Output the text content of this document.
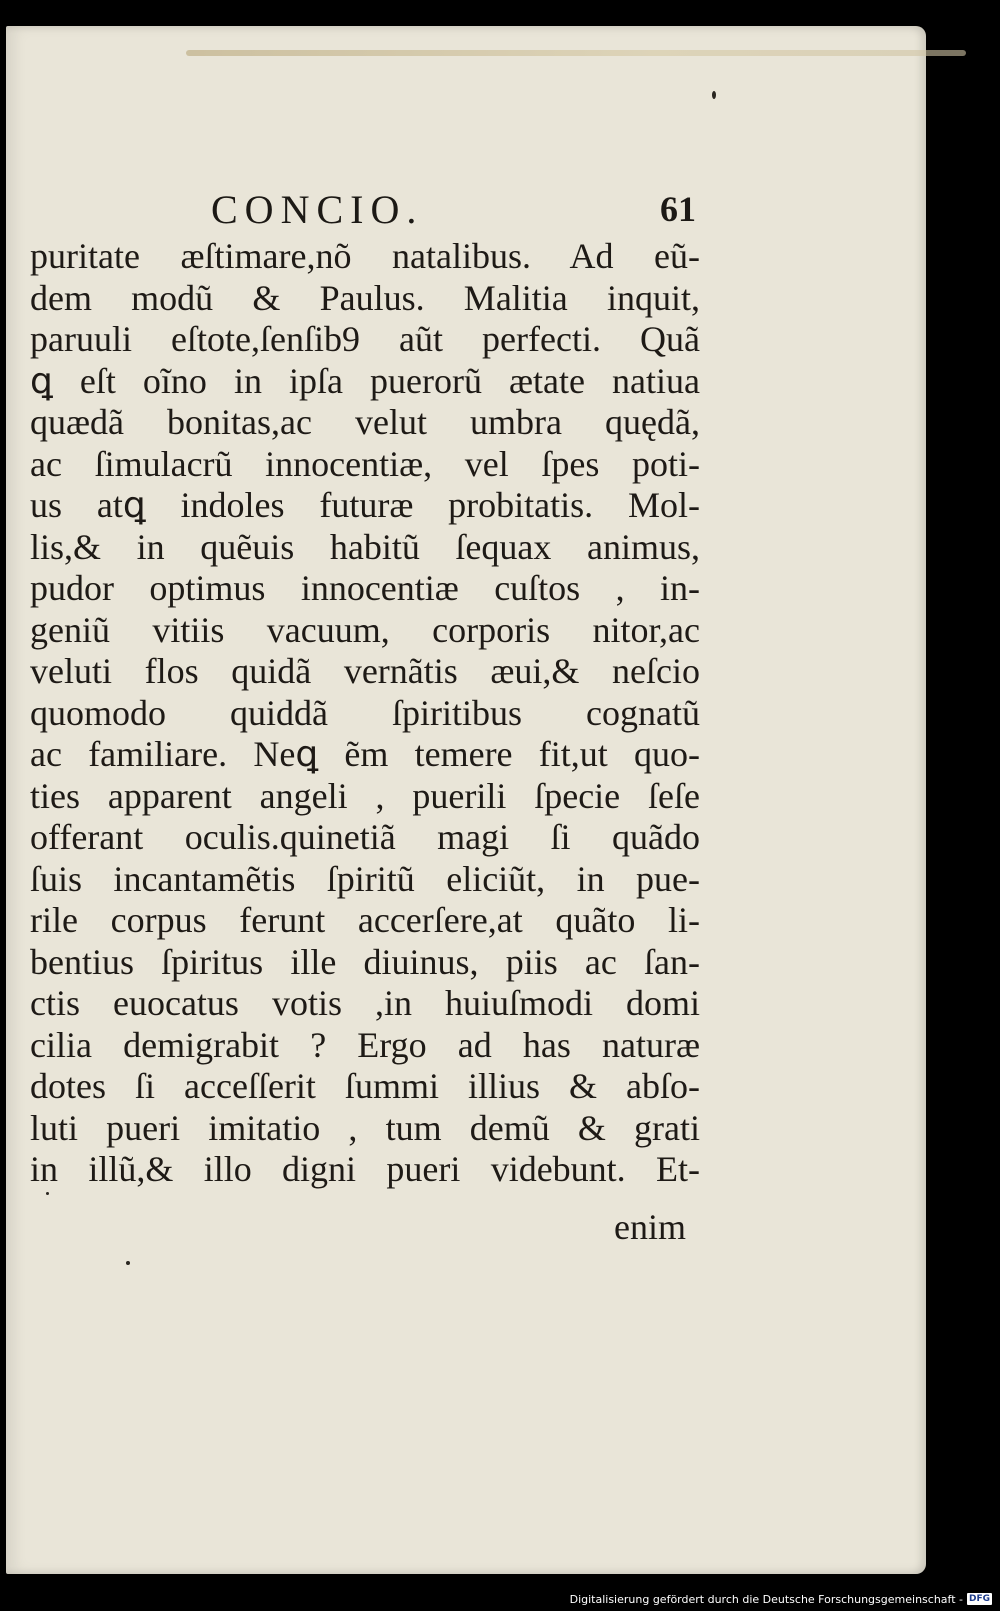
CONCIO.	61
puritate æſtimare,nõ natalibus. Ad eũ-
dem modũ & Paulus. Malitia inquit,
paruuli eſtote,ſenſib9 aũt perfecti. Quã
ꝗ eſt oĩno in ipſa puerorũ ætate natiua
quædã bonitas,ac velut umbra quędã,
ac ſimulacrũ innocentiæ, vel ſpes poti-
us atꝗ indoles futuræ probitatis. Mol-
lis,& in quẽuis habitũ ſequax animus,
pudor optimus innocentiæ cuſtos , in-
geniũ vitiis vacuum, corporis nitor,ac
veluti flos quidã vernãtis æui,& neſcio
quomodo quiddã ſpiritibus cognatũ
ac familiare. Neꝗ ẽm temere fit,ut quo-
ties apparent angeli , puerili ſpecie ſeſe
offerant oculis.quinetiã magi ſi quãdo
ſuis incantamẽtis ſpiritũ eliciũt, in pue-
rile corpus ferunt accerſere,at quãto li-
bentius ſpiritus ille diuinus, piis ac ſan-
ctis euocatus votis ,in huiuſmodi domi
cilia demigrabit ? Ergo ad has naturæ
dotes ſi acceſſerit ſummi illius & abſo-
luti pueri imitatio , tum demũ & grati
in illũ,& illo digni pueri videbunt. Et-
enim
Digitalisierung gefördert durch die Deutsche Forschungsgemeinschaft - DFG
